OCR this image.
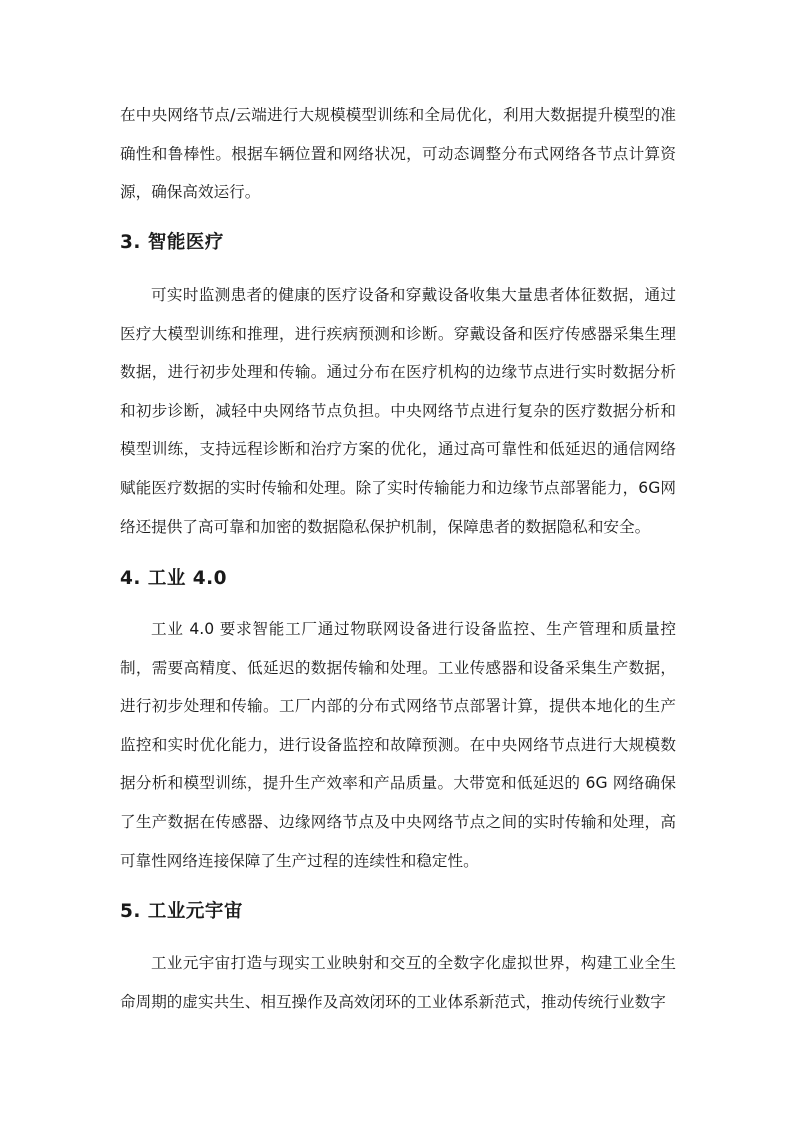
在中央网络节点/云端进行大规模模型训练和全局优化，利用大数据提升模型的准确性和鲁棒性。根据车辆位置和网络状况，可动态调整分布式网络各节点计算资源，确保高效运行。

3. 智能医疗

可实时监测患者的健康的医疗设备和穿戴设备收集大量患者体征数据，通过医疗大模型训练和推理，进行疾病预测和诊断。穿戴设备和医疗传感器采集生理数据，进行初步处理和传输。通过分布在医疗机构的边缘节点进行实时数据分析和初步诊断，减轻中央网络节点负担。中央网络节点进行复杂的医疗数据分析和模型训练，支持远程诊断和治疗方案的优化，通过高可靠性和低延迟的通信网络赋能医疗数据的实时传输和处理。除了实时传输能力和边缘节点部署能力，6G网络还提供了高可靠和加密的数据隐私保护机制，保障患者的数据隐私和安全。

4. 工业 4.0

工业 4.0 要求智能工厂通过物联网设备进行设备监控、生产管理和质量控制，需要高精度、低延迟的数据传输和处理。工业传感器和设备采集生产数据，进行初步处理和传输。工厂内部的分布式网络节点部署计算，提供本地化的生产监控和实时优化能力，进行设备监控和故障预测。在中央网络节点进行大规模数据分析和模型训练，提升生产效率和产品质量。大带宽和低延迟的 6G 网络确保了生产数据在传感器、边缘网络节点及中央网络节点之间的实时传输和处理，高可靠性网络连接保障了生产过程的连续性和稳定性。

5. 工业元宇宙

工业元宇宙打造与现实工业映射和交互的全数字化虚拟世界，构建工业全生命周期的虚实共生、相互操作及高效闭环的工业体系新范式，推动传统行业数字
